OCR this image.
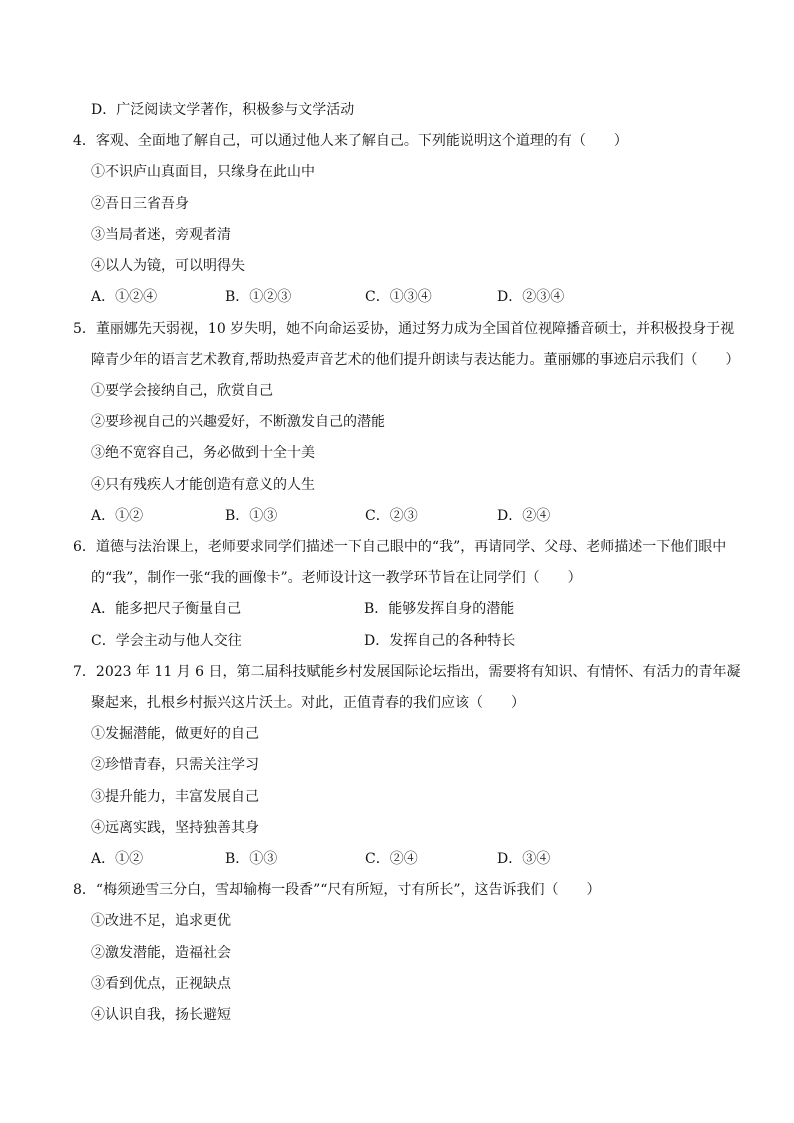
D．广泛阅读文学著作，积极参与文学活动
4．客观、全面地了解自己，可以通过他人来了解自己。下列能说明这个道理的有（　　）
①不识庐山真面目，只缘身在此山中
②吾日三省吾身
③当局者迷，旁观者清
④以人为镜，可以明得失
A．①②④	B．①②③	C．①③④	D．②③④
5．董丽娜先天弱视，10 岁失明，她不向命运妥协，通过努力成为全国首位视障播音硕士，并积极投身于视
障青少年的语言艺术教育,帮助热爱声音艺术的他们提升朗读与表达能力。董丽娜的事迹启示我们（　　）
①要学会接纳自己，欣赏自己
②要珍视自己的兴趣爱好，不断激发自己的潜能
③绝不宽容自己，务必做到十全十美
④只有残疾人才能创造有意义的人生
A．①②	B．①③	C．②③	D．②④
6．道德与法治课上，老师要求同学们描述一下自己眼中的“我”，再请同学、父母、老师描述一下他们眼中
的“我”，制作一张“我的画像卡”。老师设计这一教学环节旨在让同学们（　　）
A．能多把尺子衡量自己	B．能够发挥自身的潜能
C．学会主动与他人交往	D．发挥自己的各种特长
7．2023 年 11 月 6 日，第二届科技赋能乡村发展国际论坛指出，需要将有知识、有情怀、有活力的青年凝
聚起来，扎根乡村振兴这片沃土。对此，正值青春的我们应该（　　）
①发掘潜能，做更好的自己
②珍惜青春，只需关注学习
③提升能力，丰富发展自己
④远离实践，坚持独善其身
A．①②	B．①③	C．②④	D．③④
8．“梅须逊雪三分白，雪却输梅一段香”“尺有所短，寸有所长”，这告诉我们（　　）
①改进不足，追求更优
②激发潜能，造福社会
③看到优点，正视缺点
④认识自我，扬长避短
